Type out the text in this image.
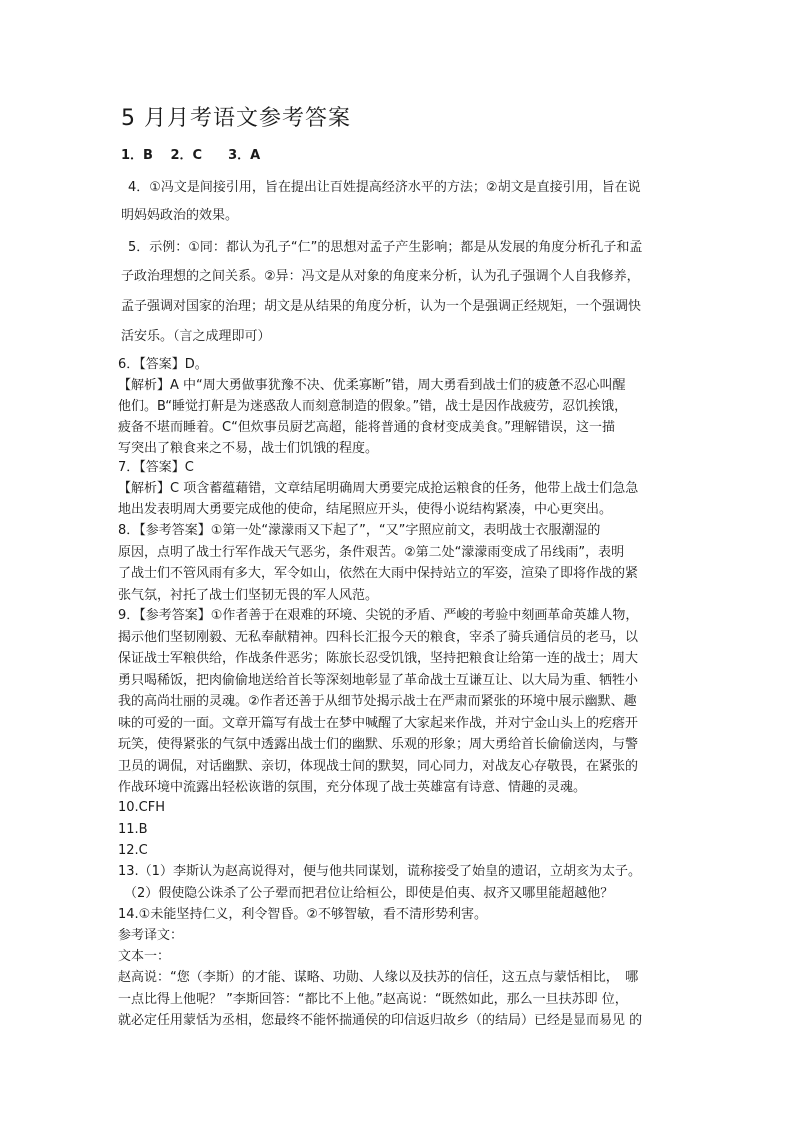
5 月月考语文参考答案
1．B　 2．C　　3．A
4．①冯文是间接引用，旨在提出让百姓提高经济水平的方法；②胡文是直接引用，旨在说
明妈妈政治的效果。
5．示例：①同：都认为孔子“仁”的思想对孟子产生影响；都是从发展的角度分析孔子和孟
子政治理想的之间关系。②异：冯文是从对象的角度来分析，认为孔子强调个人自我修养，
孟子强调对国家的治理；胡文是从结果的角度分析，认为一个是强调正经规矩，一个强调快
活安乐。（言之成理即可）
6．【答案】D。
【解析】A 中“周大勇做事犹豫不决、优柔寡断”错，周大勇看到战士们的疲惫不忍心叫醒
他们。B“睡觉打鼾是为迷惑敌人而刻意制造的假象。”错，战士是因作战疲劳，忍饥挨饿，
疲备不堪而睡着。C“但炊事员厨艺高超，能将普通的食材变成美食。”理解错误，这一描
写突出了粮食来之不易，战士们饥饿的程度。
7．【答案】C
【解析】C 项含蓄蕴藉错，文章结尾明确周大勇要完成抢运粮食的任务，他带上战士们急急
地出发表明周大勇要完成他的使命，结尾照应开头，使得小说结构紧凑，中心更突出。
8．【参考答案】①第一处“濛濛雨又下起了”，“又”字照应前文，表明战士衣服潮湿的
原因，点明了战士行军作战天气恶劣，条件艰苦。②第二处“濛濛雨变成了吊线雨”，表明
了战士们不管风雨有多大，军令如山，依然在大雨中保持站立的军姿，渲染了即将作战的紧
张气氛，衬托了战士们坚韧无畏的军人风范。
9．【参考答案】①作者善于在艰难的环境、尖锐的矛盾、严峻的考验中刻画革命英雄人物，
揭示他们坚韧刚毅、无私奉献精神。四科长汇报今天的粮食，宰杀了骑兵通信员的老马，以
保证战士军粮供给，作战条件恶劣；陈旅长忍受饥饿，坚持把粮食让给第一连的战士；周大
勇只喝稀饭，把肉偷偷地送给首长等深刻地彰显了革命战士互谦互让、以大局为重、牺牲小
我的高尚壮丽的灵魂。②作者还善于从细节处揭示战士在严肃而紧张的环境中展示幽默、趣
味的可爱的一面。文章开篇写有战士在梦中喊醒了大家起来作战，并对宁金山头上的疙瘩开
玩笑，使得紧张的气氛中透露出战士们的幽默、乐观的形象；周大勇给首长偷偷送肉，与警
卫员的调侃，对话幽默、亲切，体现战士间的默契，同心同力，对战友心存敬畏，在紧张的
作战环境中流露出轻松诙谐的氛围，充分体现了战士英雄富有诗意、情趣的灵魂。
10.CFH
11.B
12.C
13.（1）李斯认为赵高说得对，便与他共同谋划，谎称接受了始皇的遗诏，立胡亥为太子。
（2）假使隐公诛杀了公子翚而把君位让给桓公，即使是伯夷、叔齐又哪里能超越他？
14.①未能坚持仁义，利令智昏。②不够智敏，看不清形势利害。
参考译文：
文本一：
赵高说：“您（李斯）的才能、谋略、功勋、人缘以及扶苏的信任，这五点与蒙恬相比，　哪
一点比得上他呢？ ”李斯回答：“都比不上他。”赵高说：“既然如此，那么一旦扶苏即 位，
就必定任用蒙恬为丞相，您最终不能怀揣通侯的印信返归故乡（的结局）已经是显而易见 的
